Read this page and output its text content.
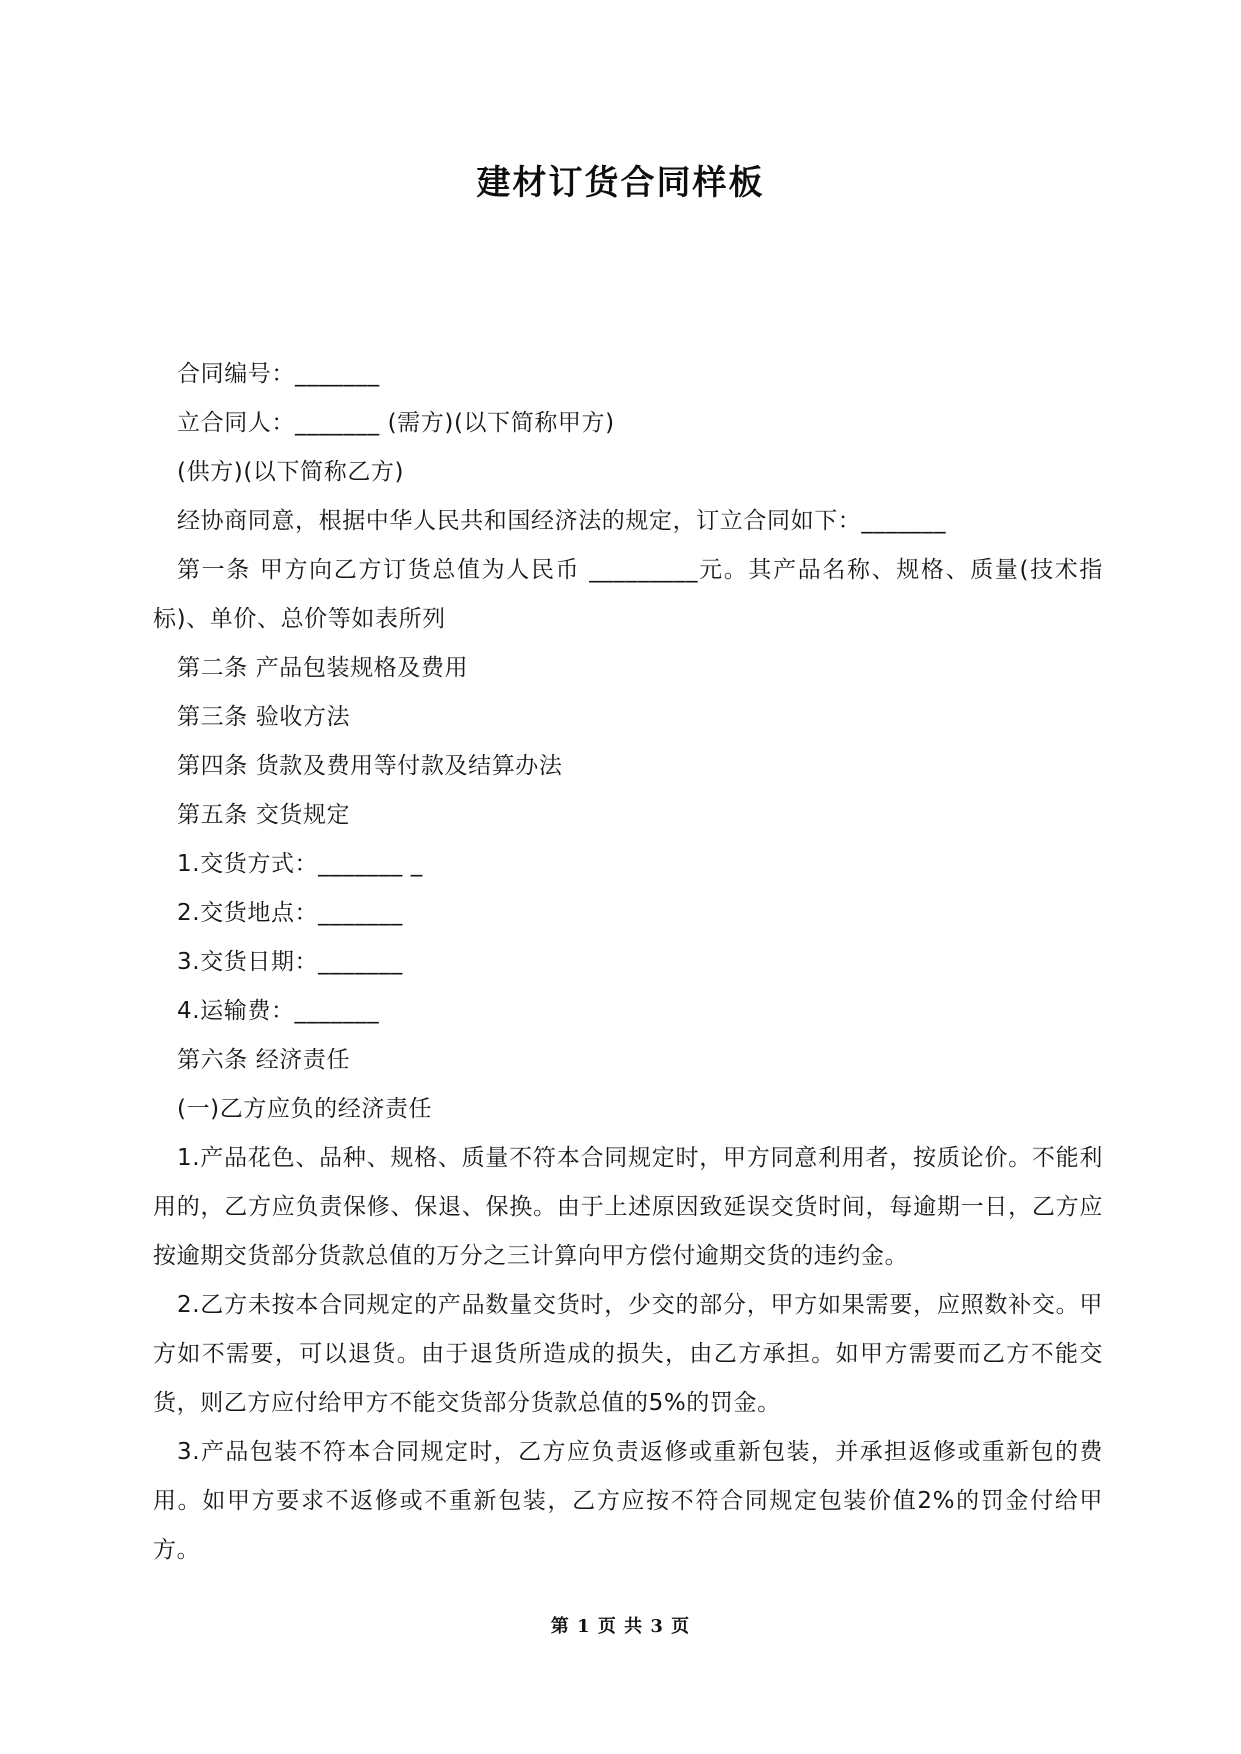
建材订货合同样板

合同编号：_______

立合同人：_______ (需方)(以下简称甲方)

(供方)(以下简称乙方)

经协商同意，根据中华人民共和国经济法的规定，订立合同如下：_______

第一条 甲方向乙方订货总值为人民币 _________元。其产品名称、规格、质量(技术指标)、单价、总价等如表所列

第二条 产品包装规格及费用

第三条 验收方法

第四条 货款及费用等付款及结算办法

第五条 交货规定

1.交货方式：_______ _

2.交货地点：_______

3.交货日期：_______

4.运输费：_______

第六条 经济责任

(一)乙方应负的经济责任

1.产品花色、品种、规格、质量不符本合同规定时，甲方同意利用者，按质论价。不能利用的，乙方应负责保修、保退、保换。由于上述原因致延误交货时间，每逾期一日，乙方应按逾期交货部分货款总值的万分之三计算向甲方偿付逾期交货的违约金。

2.乙方未按本合同规定的产品数量交货时，少交的部分，甲方如果需要，应照数补交。甲方如不需要，可以退货。由于退货所造成的损失，由乙方承担。如甲方需要而乙方不能交货，则乙方应付给甲方不能交货部分货款总值的5%的罚金。

3.产品包装不符本合同规定时，乙方应负责返修或重新包装，并承担返修或重新包的费用。如甲方要求不返修或不重新包装，乙方应按不符合同规定包装价值2%的罚金付给甲方。

第 1 页 共 3 页
